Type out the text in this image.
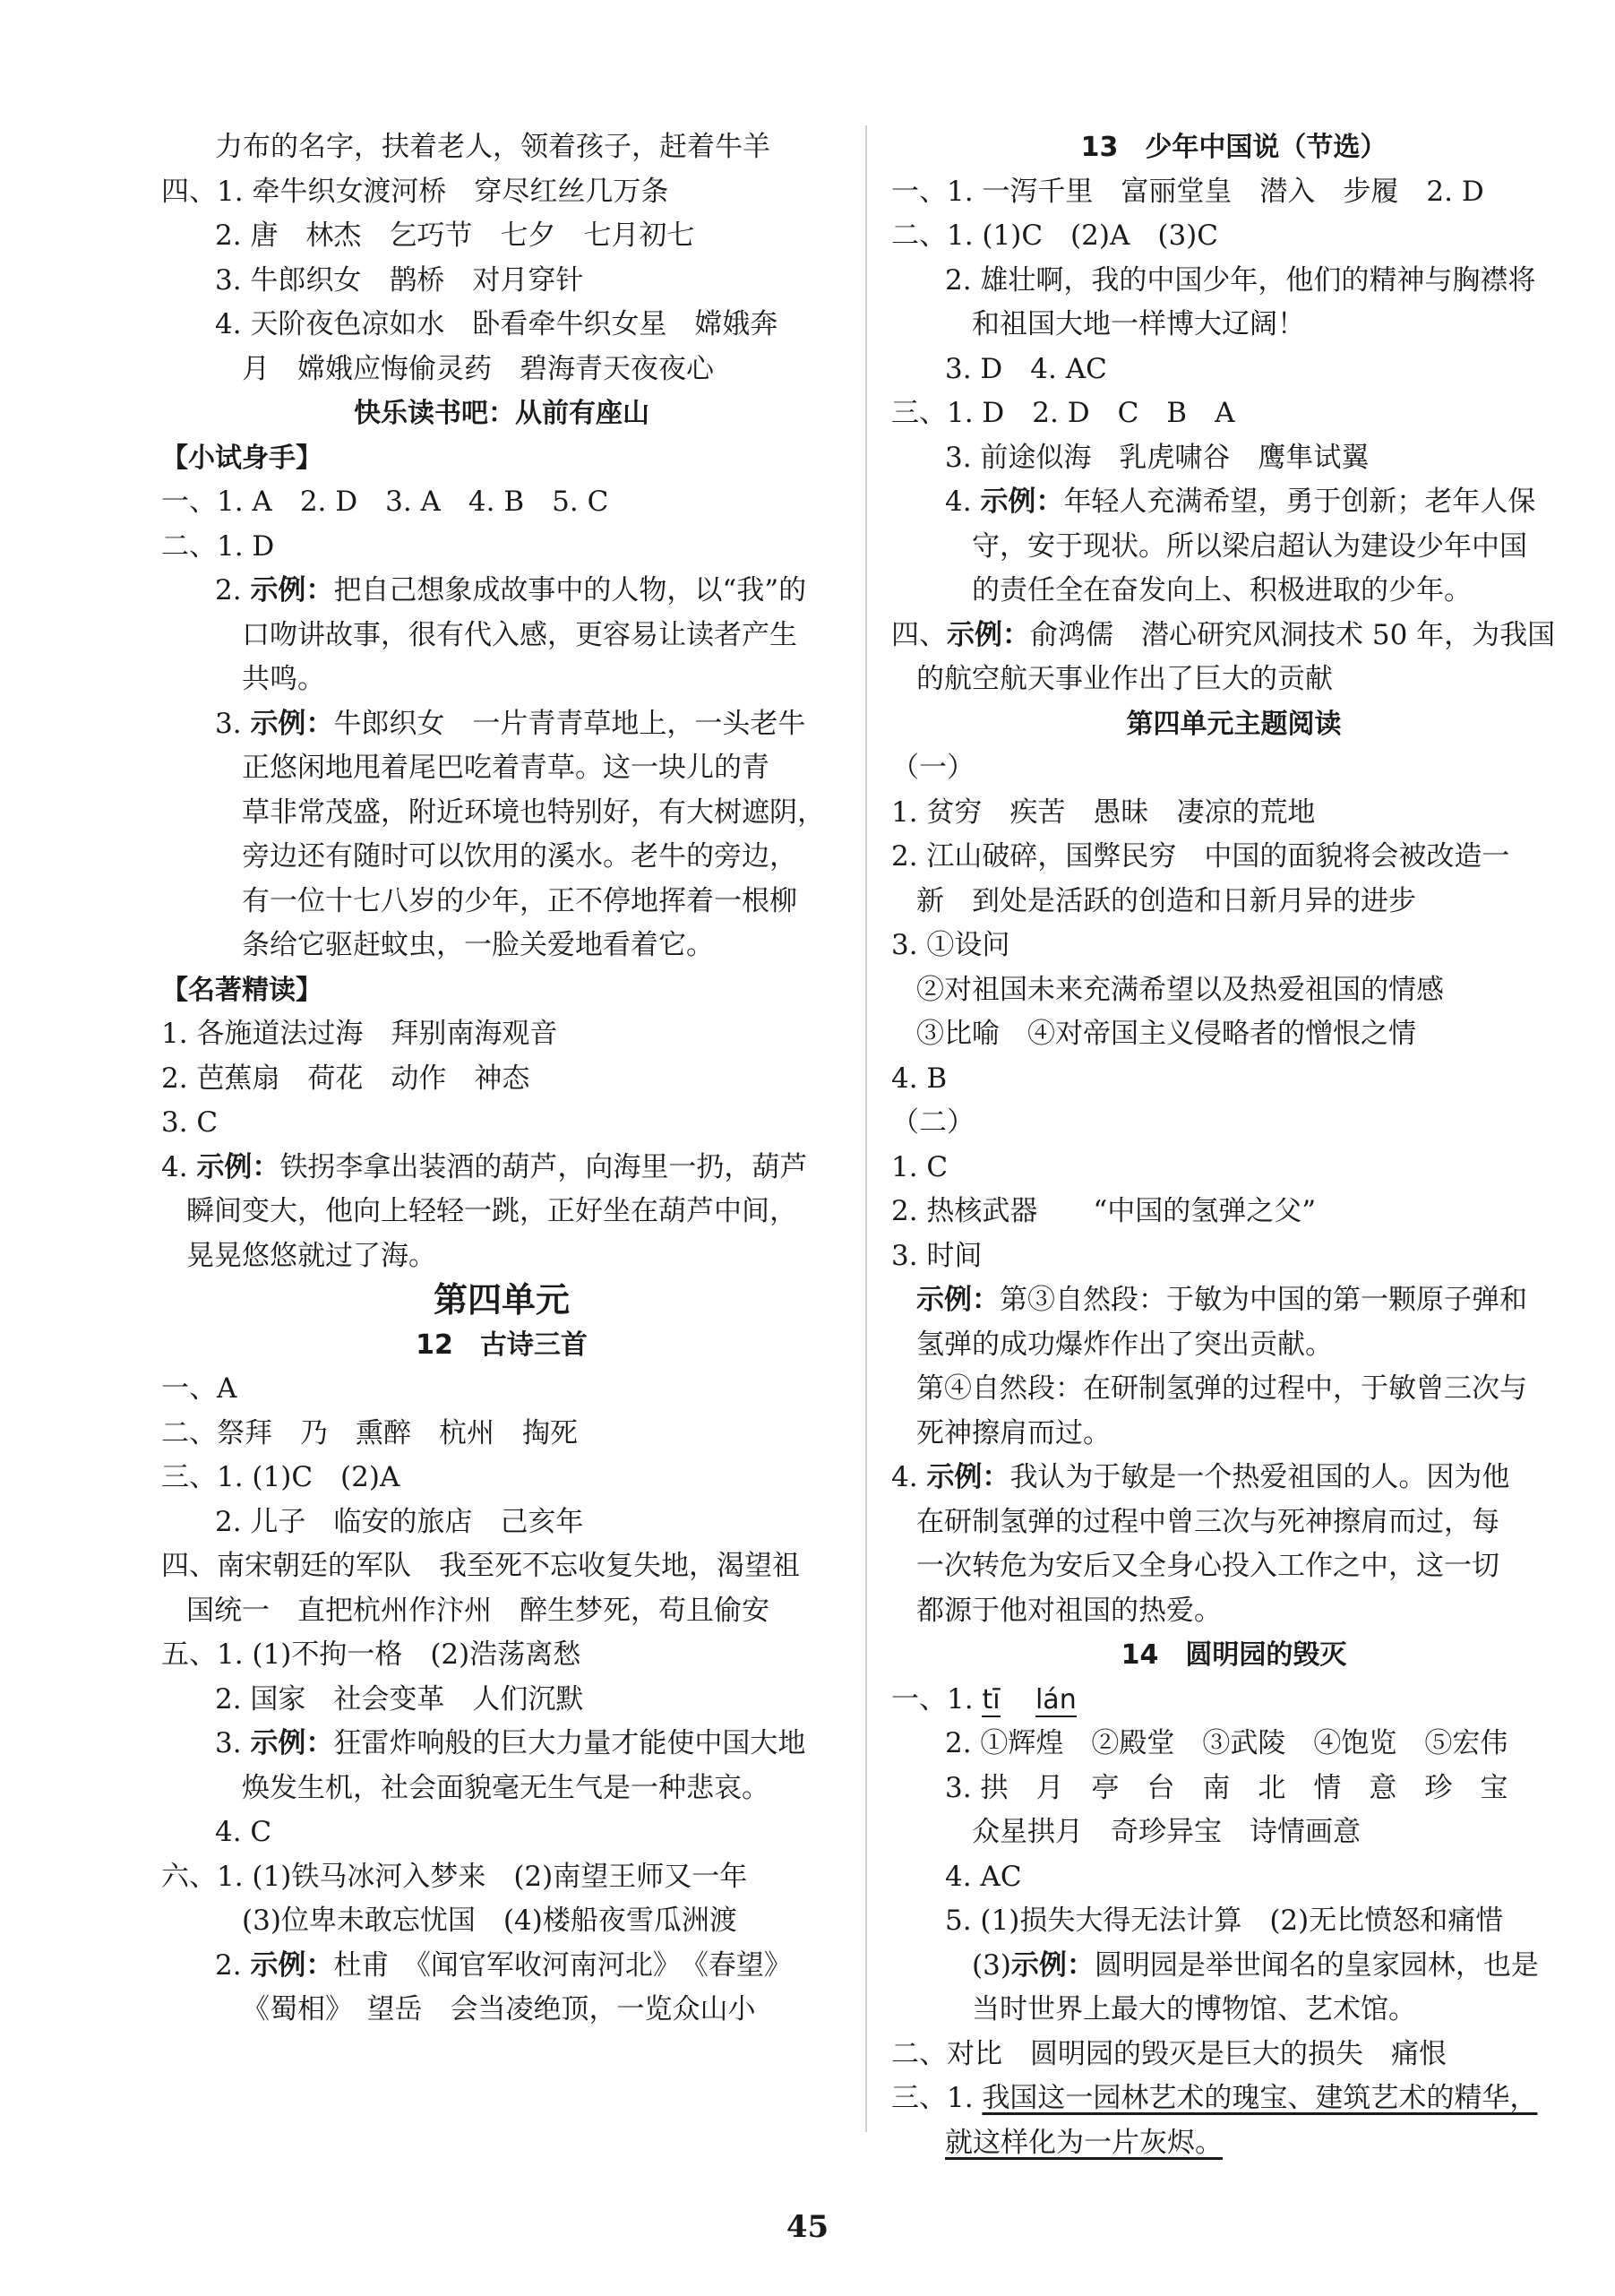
力布的名字，扶着老人，领着孩子，赶着牛羊
四、1. 牵牛织女渡河桥　穿尽红丝几万条
2. 唐　林杰　乞巧节　七夕　七月初七
3. 牛郎织女　鹊桥　对月穿针
4. 天阶夜色凉如水　卧看牵牛织女星　嫦娥奔
月　嫦娥应悔偷灵药　碧海青天夜夜心
快乐读书吧：从前有座山
【小试身手】
一、1. A　2. D　3. A　4. B　5. C
二、1. D
2. 示例：把自己想象成故事中的人物，以“我”的
口吻讲故事，很有代入感，更容易让读者产生
共鸣。
3. 示例：牛郎织女　一片青青草地上，一头老牛
正悠闲地甩着尾巴吃着青草。这一块儿的青
草非常茂盛，附近环境也特别好，有大树遮阴，
旁边还有随时可以饮用的溪水。老牛的旁边，
有一位十七八岁的少年，正不停地挥着一根柳
条给它驱赶蚊虫，一脸关爱地看着它。
【名著精读】
1. 各施道法过海　拜别南海观音
2. 芭蕉扇　荷花　动作　神态
3. C
4. 示例：铁拐李拿出装酒的葫芦，向海里一扔，葫芦
瞬间变大，他向上轻轻一跳，正好坐在葫芦中间，
晃晃悠悠就过了海。
第四单元
12　古诗三首
一、A
二、祭拜　乃　熏醉　杭州　掏死
三、1. (1)C　(2)A
2. 儿子　临安的旅店　己亥年
四、南宋朝廷的军队　我至死不忘收复失地，渴望祖
国统一　直把杭州作汴州　醉生梦死，苟且偷安
五、1. (1)不拘一格　(2)浩荡离愁
2. 国家　社会变革　人们沉默
3. 示例：狂雷炸响般的巨大力量才能使中国大地
焕发生机，社会面貌毫无生气是一种悲哀。
4. C
六、1. (1)铁马冰河入梦来　(2)南望王师又一年
(3)位卑未敢忘忧国　(4)楼船夜雪瓜洲渡
2. 示例：杜甫　《闻官军收河南河北》　《春望》
《蜀相》　望岳　会当凌绝顶，一览众山小
13　少年中国说（节选）
一、1. 一泻千里　富丽堂皇　潜入　步履　2. D
二、1. (1)C　(2)A　(3)C
2. 雄壮啊，我的中国少年，他们的精神与胸襟将
和祖国大地一样博大辽阔！
3. D　4. AC
三、1. D　2. D　C　B　A
3. 前途似海　乳虎啸谷　鹰隼试翼
4. 示例：年轻人充满希望，勇于创新；老年人保
守，安于现状。所以梁启超认为建设少年中国
的责任全在奋发向上、积极进取的少年。
四、示例：俞鸿儒　潜心研究风洞技术 50 年，为我国
的航空航天事业作出了巨大的贡献
第四单元主题阅读
（一）
1. 贫穷　疾苦　愚昧　凄凉的荒地
2. 江山破碎，国弊民穷　中国的面貌将会被改造一
新　到处是活跃的创造和日新月异的进步
3. ①设问
②对祖国未来充满希望以及热爱祖国的情感
③比喻　④对帝国主义侵略者的憎恨之情
4. B
（二）
1. C
2. 热核武器　　“中国的氢弹之父”
3. 时间
示例：第③自然段：于敏为中国的第一颗原子弹和
氢弹的成功爆炸作出了突出贡献。
第④自然段：在研制氢弹的过程中，于敏曾三次与
死神擦肩而过。
4. 示例：我认为于敏是一个热爱祖国的人。因为他
在研制氢弹的过程中曾三次与死神擦肩而过，每
一次转危为安后又全身心投入工作之中，这一切
都源于他对祖国的热爱。
14　圆明园的毁灭
一、1. tī lán
2. ①辉煌　②殿堂　③武陵　④饱览　⑤宏伟
3. 拱　月　亭　台　南　北　情　意　珍　宝
众星拱月　奇珍异宝　诗情画意
4. AC
5. (1)损失大得无法计算　(2)无比愤怒和痛惜
(3)示例：圆明园是举世闻名的皇家园林，也是
当时世界上最大的博物馆、艺术馆。
二、对比　圆明园的毁灭是巨大的损失　痛恨
三、1. 我国这一园林艺术的瑰宝、建筑艺术的精华，
就这样化为一片灰烬。
45
